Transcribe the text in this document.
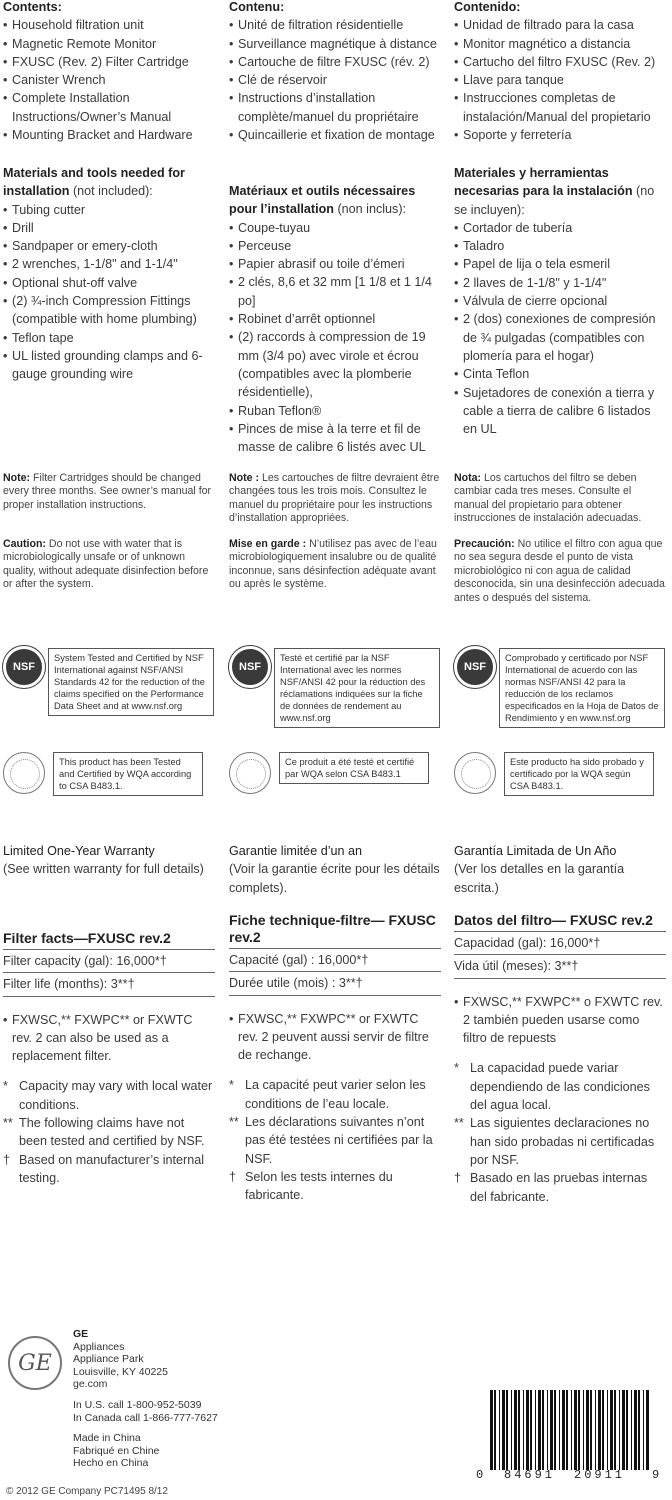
Contents:
• Household filtration unit
• Magnetic Remote Monitor
• FXUSC (Rev. 2) Filter Cartridge
• Canister Wrench
• Complete Installation Instructions/Owner’s Manual
• Mounting Bracket and Hardware
Materials and tools needed for installation (not included):
• Tubing cutter
• Drill
• Sandpaper or emery-cloth
• 2 wrenches, 1-1/8" and 1-1/4"
• Optional shut-off valve
• (2) ¾-inch Compression Fittings (compatible with home plumbing)
• Teflon tape
• UL listed grounding clamps and 6-gauge grounding wire
Note: Filter Cartridges should be changed every three months. See owner’s manual for proper installation instructions.
Caution: Do not use with water that is microbiologically unsafe or of unknown quality, without adequate disinfection before or after the system.
NSF
System Tested and Certified by NSF International against NSF/ANSI Standards 42 for the reduction of the claims specified on the Performance Data Sheet and at www.nsf.org
This product has been Tested and Certified by WQA according to CSA B483.1.
Limited One-Year Warranty
(See written warranty for full details)
Filter facts—FXUSC rev.2
Filter capacity (gal): 16,000*†
Filter life (months): 3**†
• FXWSC,** FXWPC** or FXWTC rev. 2 can also be used as a replacement filter.
* Capacity may vary with local water conditions.
** The following claims have not been tested and certified by NSF.
† Based on manufacturer’s internal testing.
Contenu:
• Unité de filtration résidentielle
• Surveillance magnétique à distance
• Cartouche de filtre FXUSC (rév. 2)
• Clé de réservoir
• Instructions d’installation complète/manuel du propriétaire
• Quincaillerie et fixation de montage
Matériaux et outils nécessaires pour l’installation (non inclus):
• Coupe-tuyau
• Perceuse
• Papier abrasif ou toile d’émeri
• 2 clés, 8,6 et 32 mm [1 1/8 et 1 1/4 po]
• Robinet d’arrêt optionnel
• (2) raccords à compression de 19 mm (3/4 po) avec virole et écrou (compatibles avec la plomberie résidentielle),
• Ruban Teflon®
• Pinces de mise à la terre et fil de masse de calibre 6 listés avec UL
Note : Les cartouches de filtre devraient être changées tous les trois mois. Consultez le manuel du propriétaire pour les instructions d’installation appropriées.
Mise en garde : N’utilisez pas avec de l’eau microbiologiquement insalubre ou de qualité inconnue, sans désinfection adéquate avant ou après le système.
NSF
Testé et certifié par la NSF International avec les normes NSF/ANSI 42 pour la réduction des réclamations indiquées sur la fiche de données de rendement au www.nsf.org
Ce produit a été testé et certifié par WQA selon CSA B483.1
Garantie limitée d’un an
(Voir la garantie écrite pour les détails complets).
Fiche technique-filtre— FXUSC rev.2
Capacité (gal) : 16,000*†
Durée utile (mois) : 3**†
• FXWSC,** FXWPC** or FXWTC rev. 2 peuvent aussi servir de filtre de rechange.
* La capacité peut varier selon les conditions de l’eau locale.
** Les déclarations suivantes n’ont pas été testées ni certifiées par la NSF.
† Selon les tests internes du fabricante.
Contenido:
• Unidad de filtrado para la casa
• Monitor magnético a distancia
• Cartucho del filtro FXUSC (Rev. 2)
• Llave para tanque
• Instrucciones completas de instalación/Manual del propietario
• Soporte y ferretería
Materiales y herramientas necesarias para la instalación (no se incluyen):
• Cortador de tubería
• Taladro
• Papel de lija o tela esmeril
• 2 llaves de 1-1/8" y 1-1/4"
• Válvula de cierre opcional
• 2 (dos) conexiones de compresión de ¾ pulgadas (compatibles con plomería para el hogar)
• Cinta Teflon
• Sujetadores de conexión a tierra y cable a tierra de calibre 6 listados en UL
Nota: Los cartuchos del filtro se deben cambiar cada tres meses. Consulte el manual del propietario para obtener instrucciones de instalación adecuadas.
Precaución: No utilice el filtro con agua que no sea segura desde el punto de vista microbiológico ni con agua de calidad desconocida, sin una desinfección adecuada antes o después del sistema.
NSF
Comprobado y certificado por NSF International de acuerdo con las normas NSF/ANSI 42 para la reducción de los reclamos especificados en la Hoja de Datos de Rendimiento y en www.nsf.org
Este producto ha sido probado y certificado por la WQA según CSA B483.1.
Garantía Limitada de Un Año
(Ver los detalles en la garantía escrita.)
Datos del filtro— FXUSC rev.2
Capacidad (gal): 16,000*†
Vida útil (meses): 3**†
• FXWSC,** FXWPC** o FXWTC rev. 2 también pueden usarse como filtro de repuests
* La capacidad puede variar dependiendo de las condiciones del agua local.
** Las siguientes declaraciones no han sido probadas ni certificadas por NSF.
† Basado en las pruebas internas del fabricante.
GE
GE
Appliances
Appliance Park
Louisville, KY 40225
ge.com
In U.S. call 1-800-952-5039
In Canada call 1-866-777-7627
Made in China
Fabriqué en Chine
Hecho en China
© 2012 GE Company PC71495 8/12
0 84691 20911 9
